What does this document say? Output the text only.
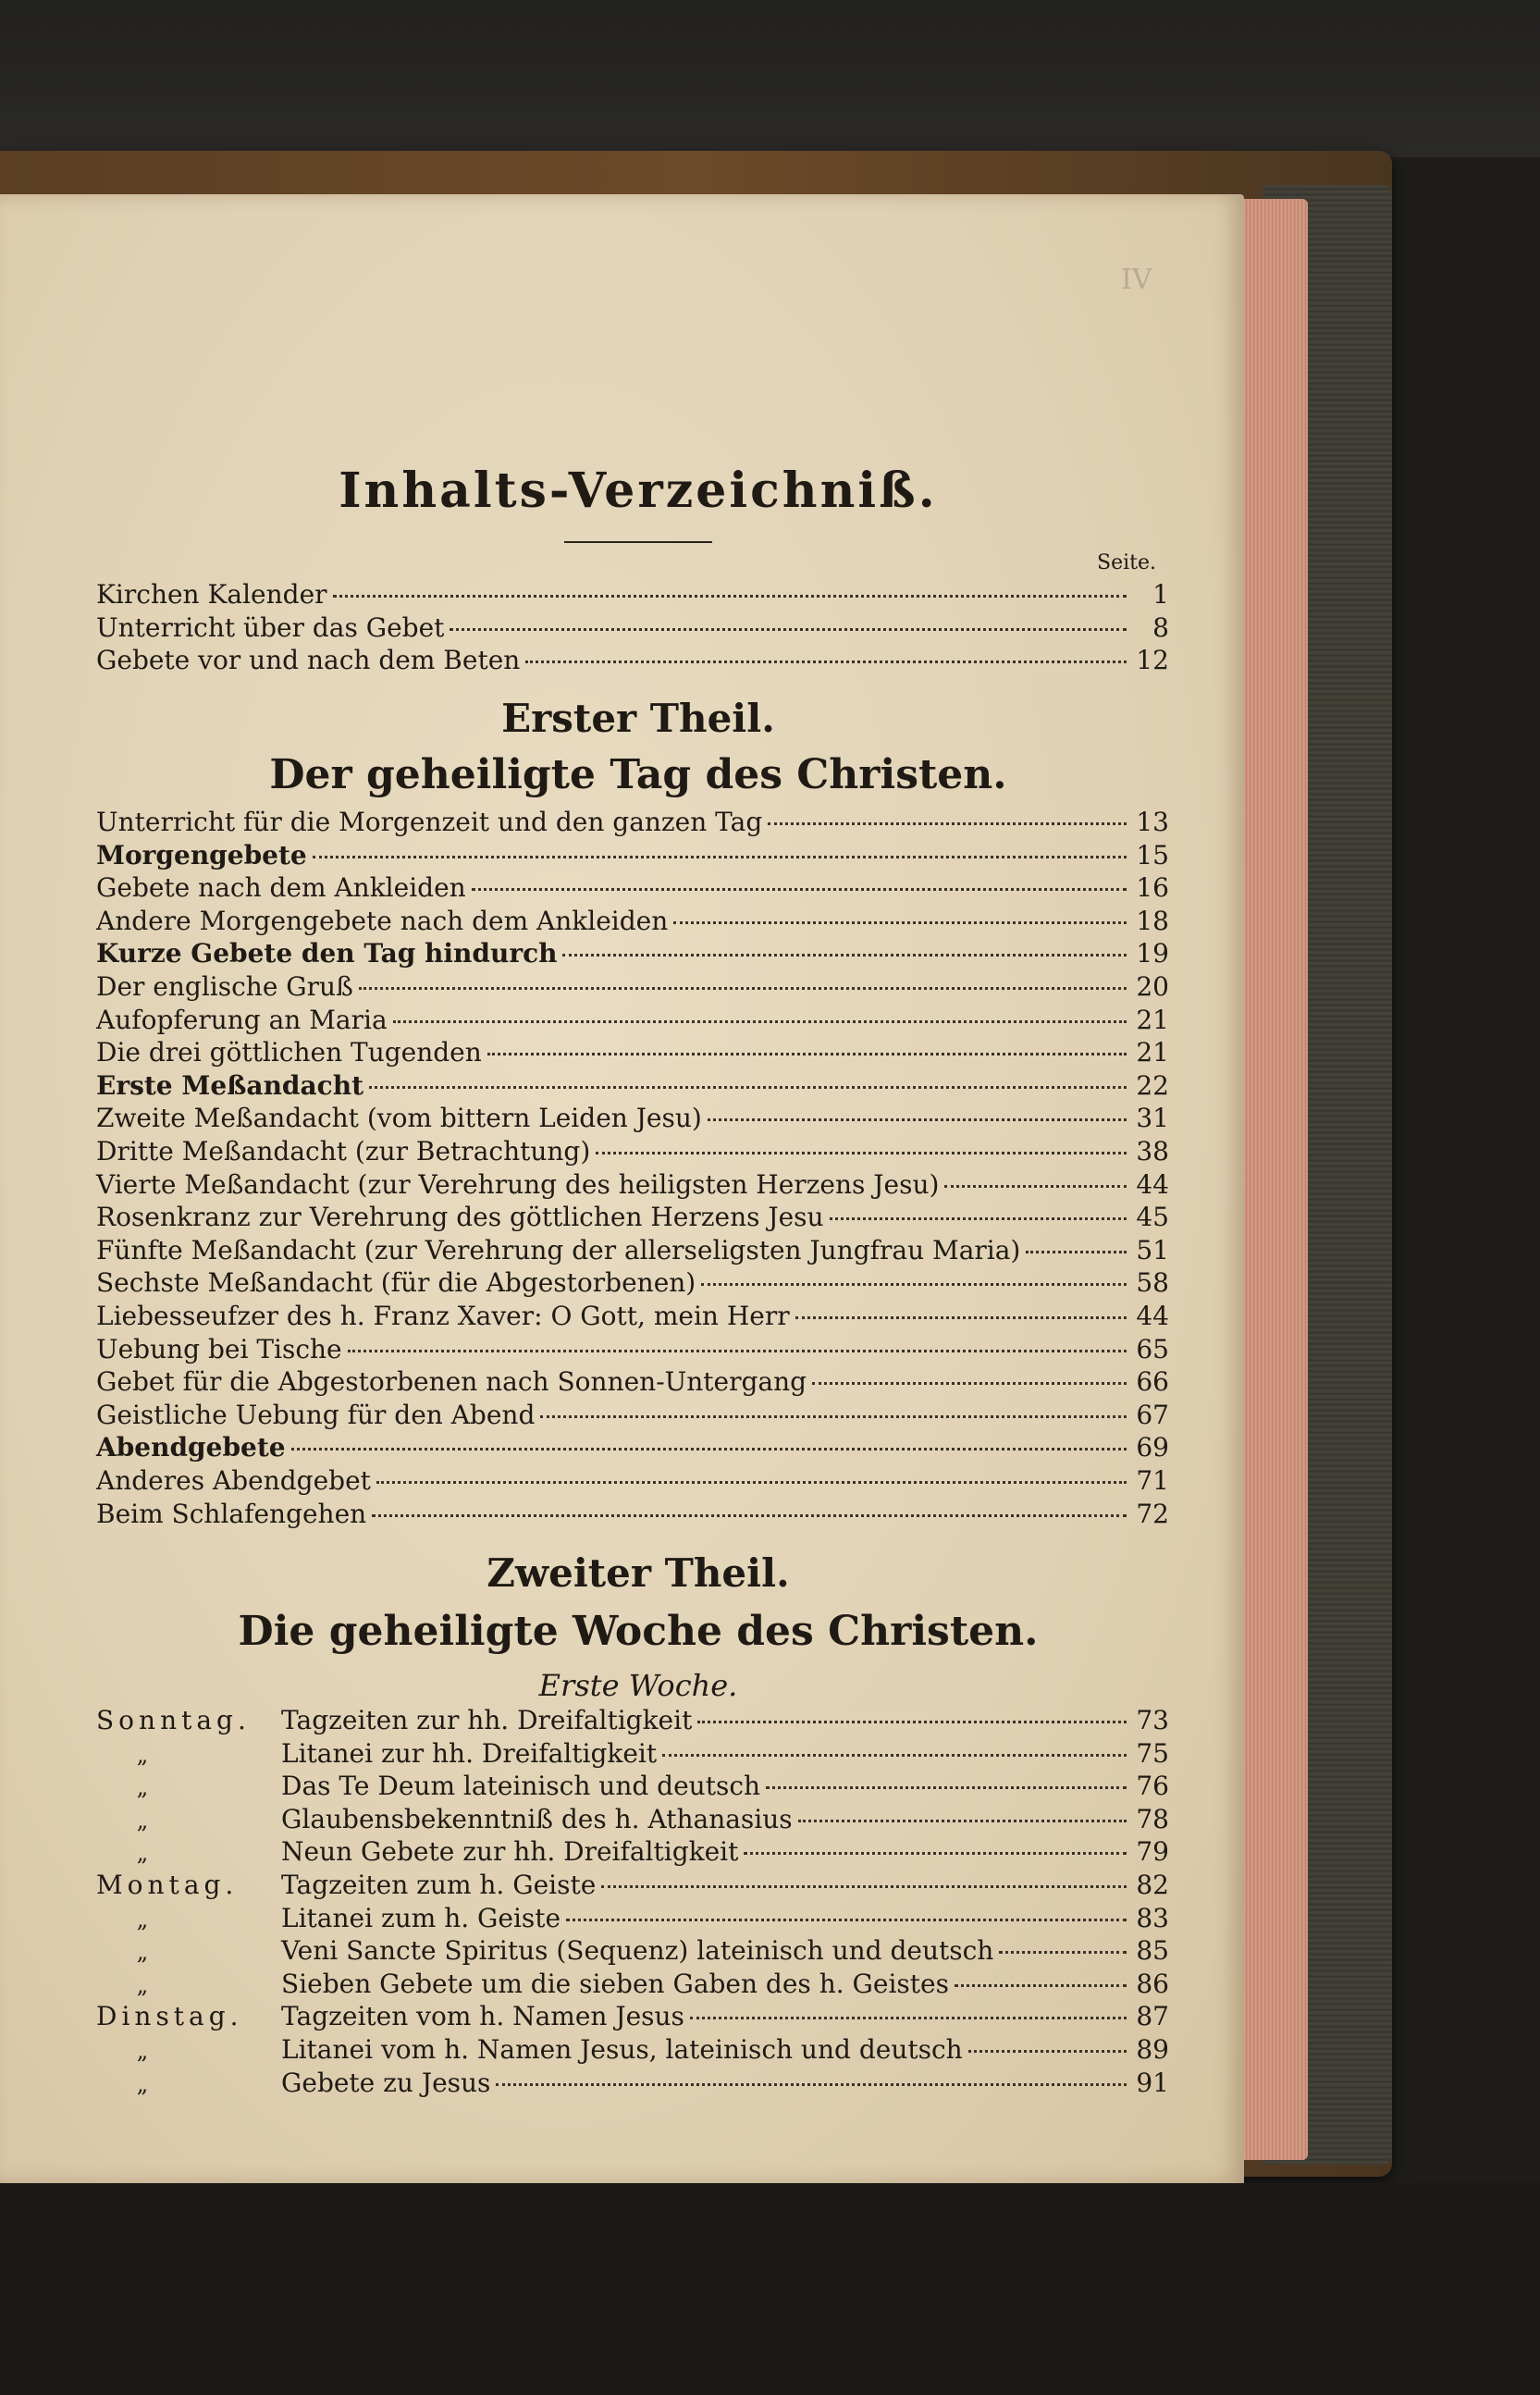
IV
Inhalts-Verzeichniß.
Seite.
Kirchen Kalender	1
Unterricht über das Gebet	8
Gebete vor und nach dem Beten	12
Erster Theil.
Der geheiligte Tag des Christen.
Unterricht für die Morgenzeit und den ganzen Tag	13
Morgengebete	15
Gebete nach dem Ankleiden	16
Andere Morgengebete nach dem Ankleiden	18
Kurze Gebete den Tag hindurch	19
Der englische Gruß	20
Aufopferung an Maria	21
Die drei göttlichen Tugenden	21
Erste Meßandacht	22
Zweite Meßandacht (vom bittern Leiden Jesu)	31
Dritte Meßandacht (zur Betrachtung)	38
Vierte Meßandacht (zur Verehrung des heiligsten Herzens Jesu)	44
Rosenkranz zur Verehrung des göttlichen Herzens Jesu	45
Fünfte Meßandacht (zur Verehrung der allerseligsten Jungfrau Maria)	51
Sechste Meßandacht (für die Abgestorbenen)	58
Liebesseufzer des h. Franz Xaver: O Gott, mein Herr	44
Uebung bei Tische	65
Gebet für die Abgestorbenen nach Sonnen-Untergang	66
Geistliche Uebung für den Abend	67
Abendgebete	69
Anderes Abendgebet	71
Beim Schlafengehen	72
Zweiter Theil.
Die geheiligte Woche des Christen.
Erste Woche.
Sonntag.	Tagzeiten zur hh. Dreifaltigkeit	73
„	Litanei zur hh. Dreifaltigkeit	75
„	Das Te Deum lateinisch und deutsch	76
„	Glaubensbekenntniß des h. Athanasius	78
„	Neun Gebete zur hh. Dreifaltigkeit	79
Montag.	Tagzeiten zum h. Geiste	82
„	Litanei zum h. Geiste	83
„	Veni Sancte Spiritus (Sequenz) lateinisch und deutsch	85
„	Sieben Gebete um die sieben Gaben des h. Geistes	86
Dinstag.	Tagzeiten vom h. Namen Jesus	87
„	Litanei vom h. Namen Jesus, lateinisch und deutsch	89
„	Gebete zu Jesus	91
